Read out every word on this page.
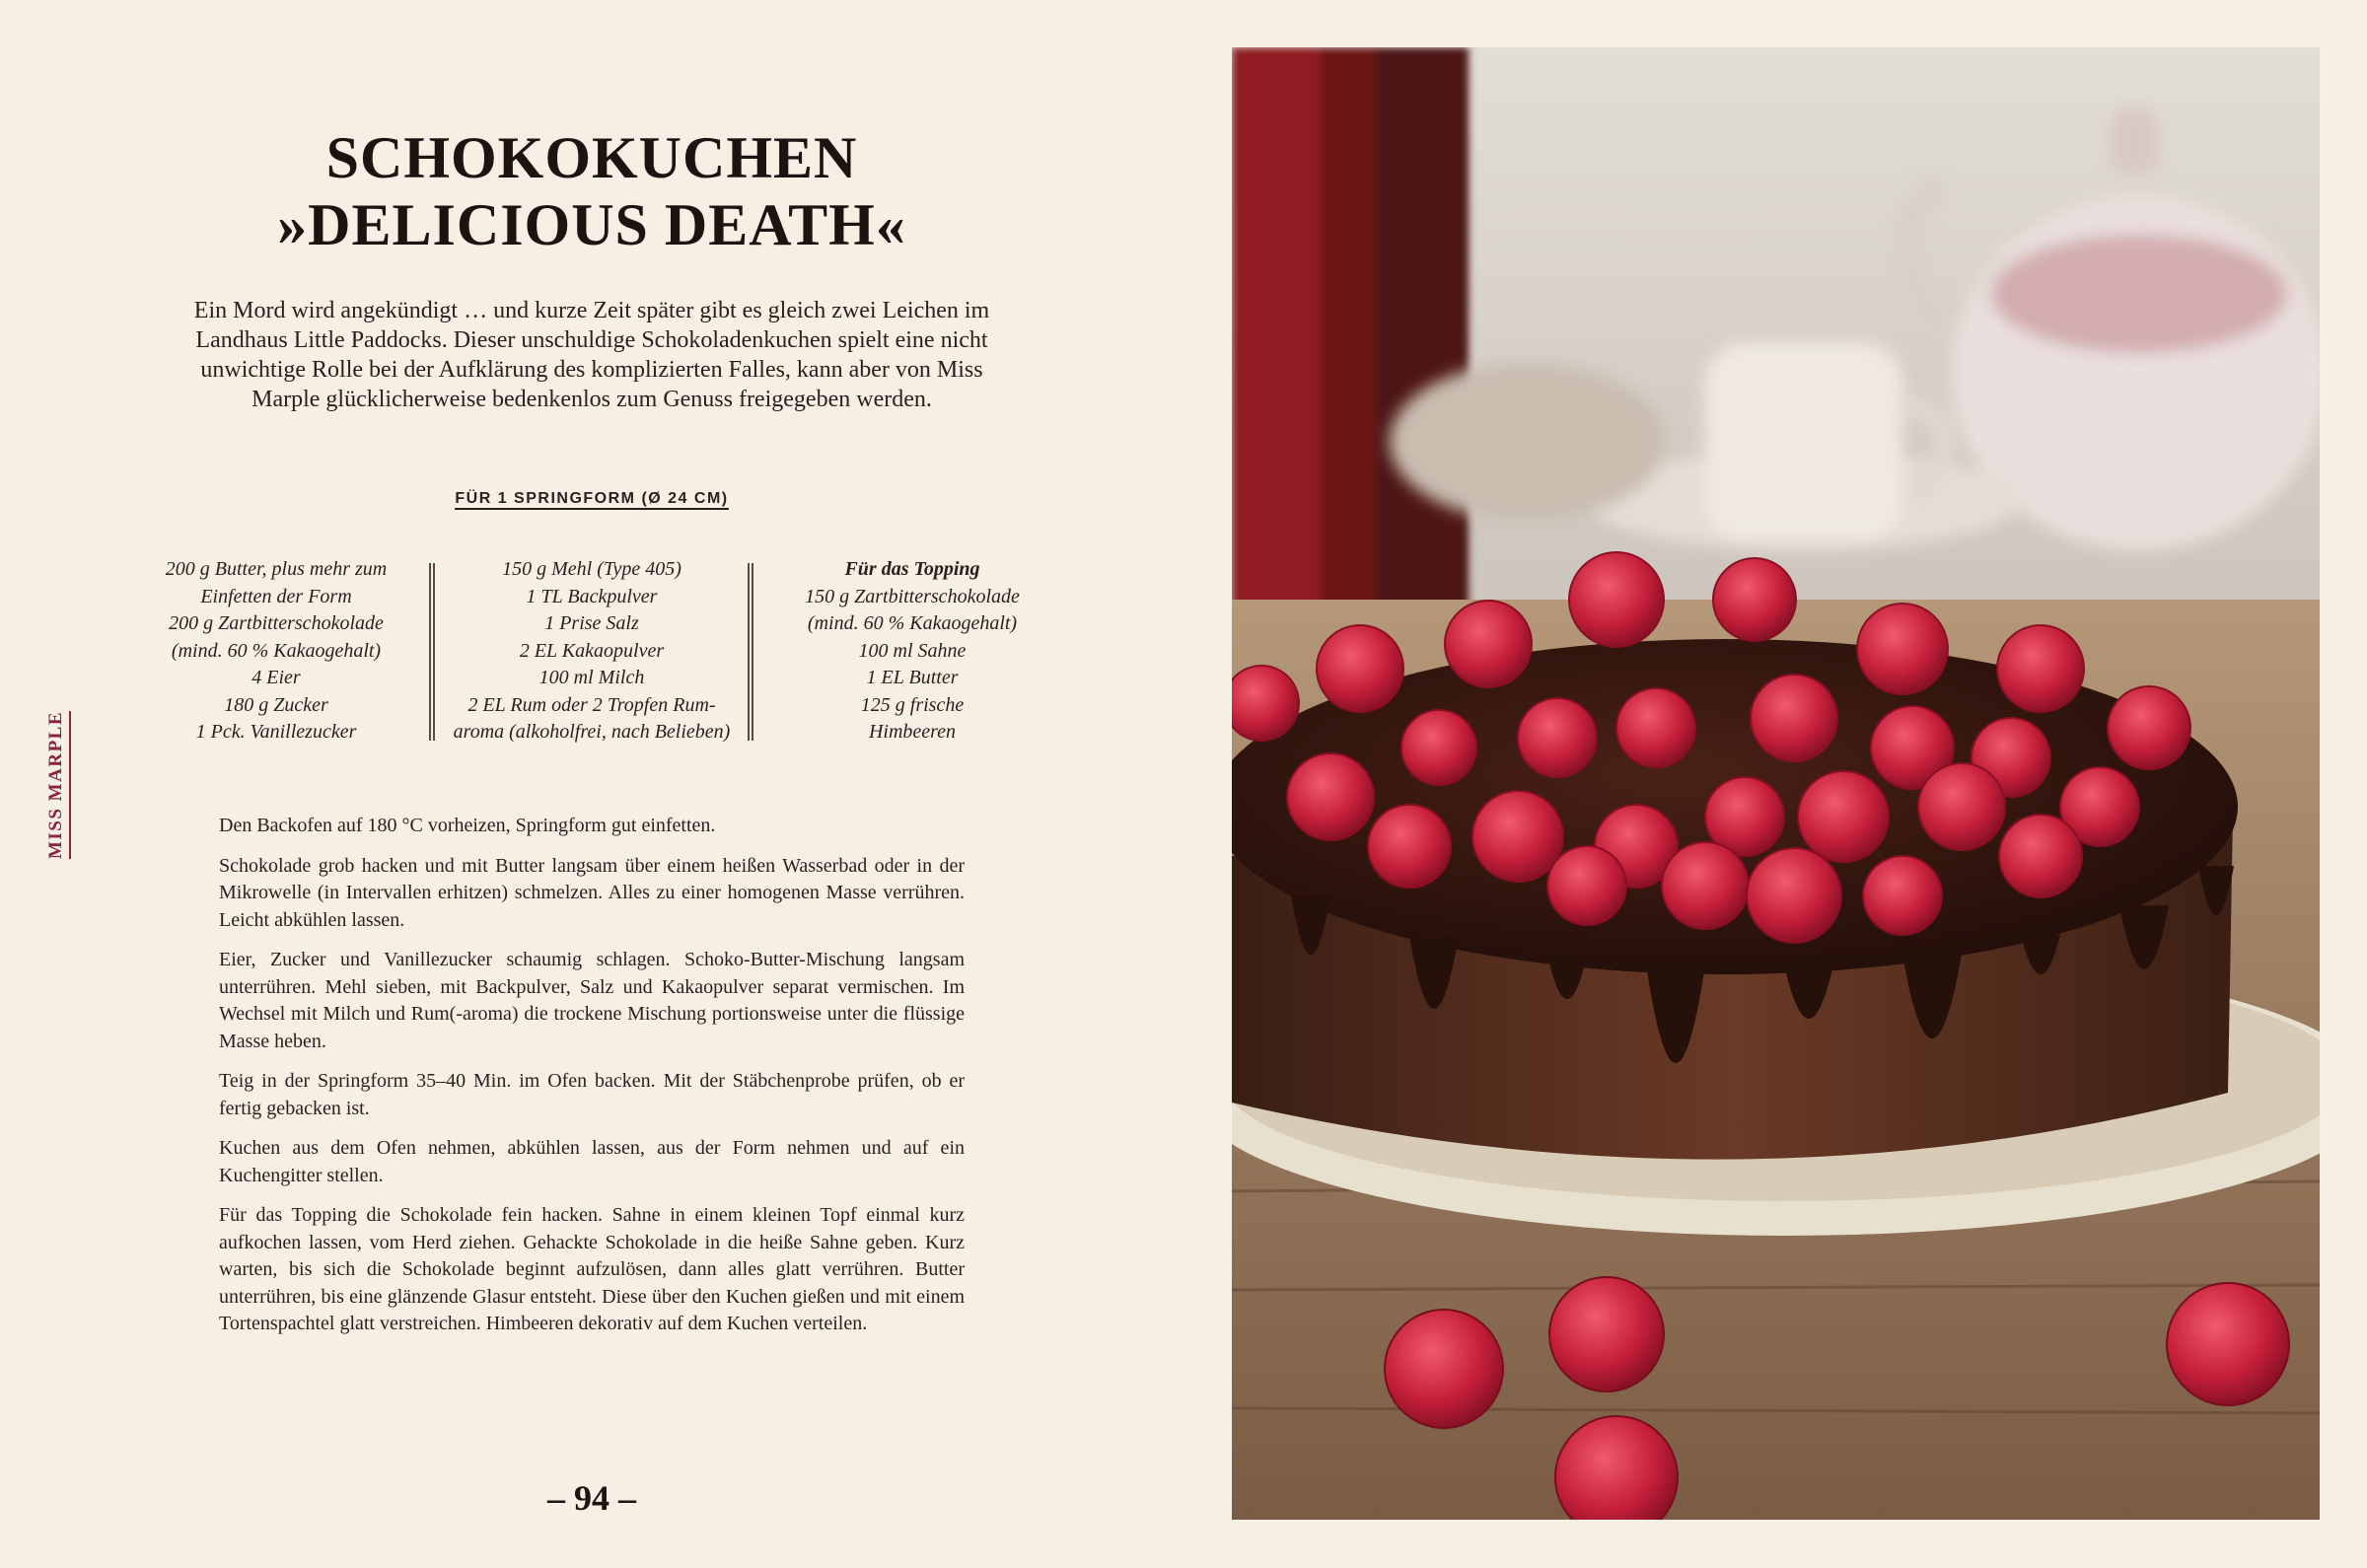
MISS MARPLE
SCHOKOKUCHEN
»DELICIOUS DEATH«
Ein Mord wird angekündigt … und kurze Zeit später gibt es gleich zwei Leichen im Landhaus Little Paddocks. Dieser unschuldige Schokoladenkuchen spielt eine nicht unwichtige Rolle bei der Aufklärung des komplizierten Falles, kann aber von Miss Marple glücklicherweise bedenkenlos zum Genuss freigegeben werden.
FÜR 1 SPRINGFORM (Ø 24 CM)
200 g Butter, plus mehr zum
Einfetten der Form
200 g Zartbitterschokolade
(mind. 60 % Kakaogehalt)
4 Eier
180 g Zucker
1 Pck. Vanillezucker
150 g Mehl (Type 405)
1 TL Backpulver
1 Prise Salz
2 EL Kakaopulver
100 ml Milch
2 EL Rum oder 2 Tropfen Rum-
aroma (alkoholfrei, nach Belieben)
Für das Topping
150 g Zartbitterschokolade
(mind. 60 % Kakaogehalt)
100 ml Sahne
1 EL Butter
125 g frische
Himbeeren

Den Backofen auf 180 °C vorheizen, Springform gut einfetten.

Schokolade grob hacken und mit Butter langsam über einem heißen Wasserbad oder in der Mikrowelle (in Intervallen erhitzen) schmelzen. Alles zu einer homogenen Masse verrühren. Leicht abkühlen lassen.

Eier, Zucker und Vanillezucker schaumig schlagen. Schoko-Butter-Mischung langsam unterrühren. Mehl sieben, mit Backpulver, Salz und Kakaopulver separat vermischen. Im Wechsel mit Milch und Rum(-aroma) die trockene Mischung portionsweise unter die flüssige Masse heben.

Teig in der Springform 35–40 Min. im Ofen backen. Mit der Stäbchenprobe prüfen, ob er fertig gebacken ist.

Kuchen aus dem Ofen nehmen, abkühlen lassen, aus der Form nehmen und auf ein Kuchengitter stellen.

Für das Topping die Schokolade fein hacken. Sahne in einem kleinen Topf einmal kurz aufkochen lassen, vom Herd ziehen. Gehackte Schokolade in die heiße Sahne geben. Kurz warten, bis sich die Schokolade beginnt aufzulösen, dann alles glatt verrühren. Butter unterrühren, bis eine glänzende Glasur entsteht. Diese über den Kuchen gießen und mit einem Tortenspachtel glatt verstreichen. Himbeeren dekorativ auf dem Kuchen verteilen.

– 94 –
